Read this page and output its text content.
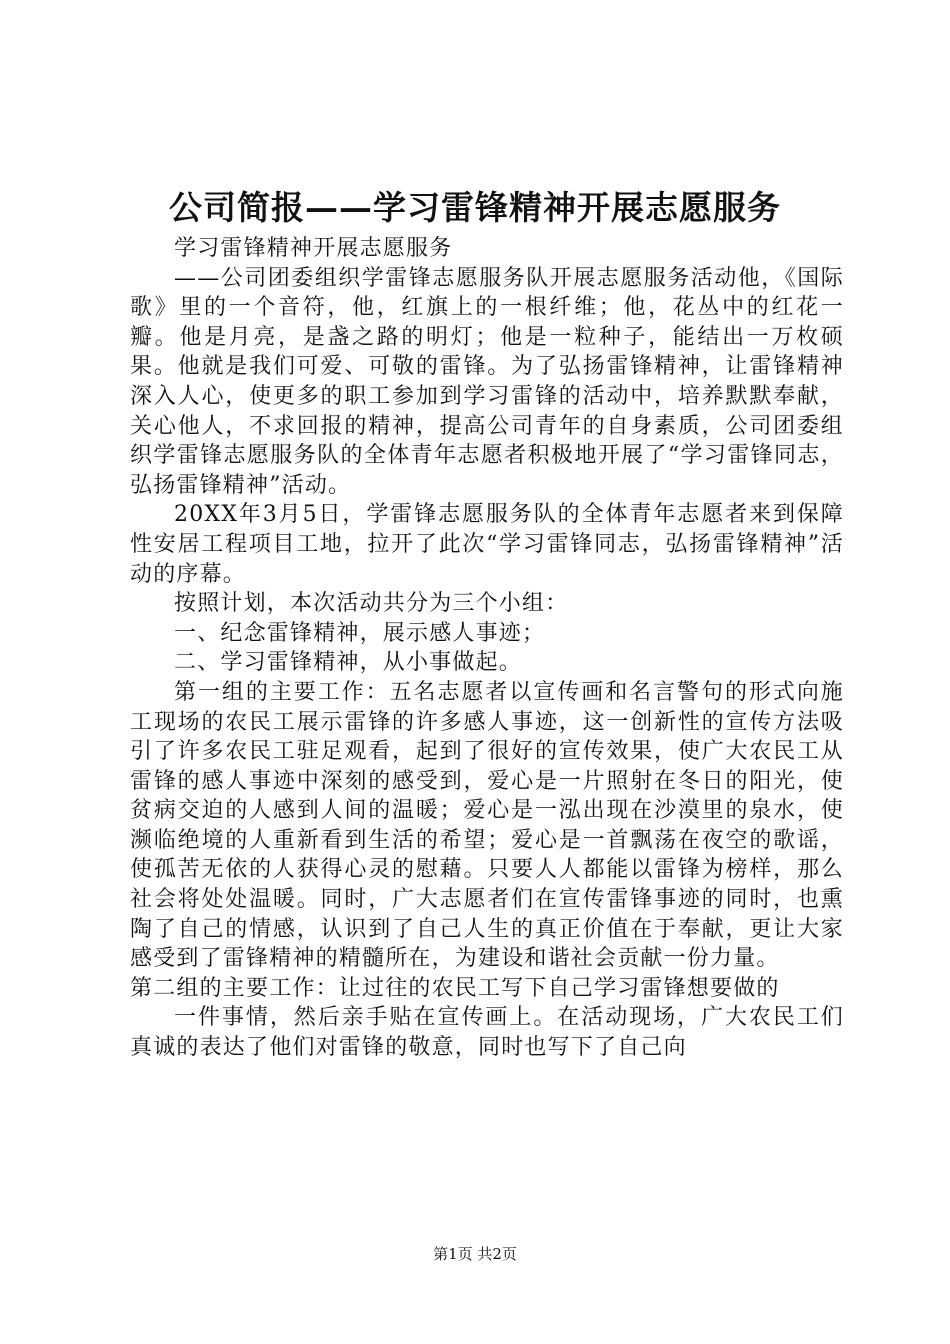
公司简报——学习雷锋精神开展志愿服务

学习雷锋精神开展志愿服务

——公司团委组织学雷锋志愿服务队开展志愿服务活动他，《国际歌》里的一个音符，他，红旗上的一根纤维；他，花丛中的红花一瓣。他是月亮，是盏之路的明灯；他是一粒种子，能结出一万枚硕果。他就是我们可爱、可敬的雷锋。为了弘扬雷锋精神，让雷锋精神深入人心，使更多的职工参加到学习雷锋的活动中，培养默默奉献，关心他人，不求回报的精神，提高公司青年的自身素质，公司团委组织学雷锋志愿服务队的全体青年志愿者积极地开展了“学习雷锋同志，弘扬雷锋精神”活动。

20XX年3月5日，学雷锋志愿服务队的全体青年志愿者来到保障性安居工程项目工地，拉开了此次“学习雷锋同志，弘扬雷锋精神”活动的序幕。

按照计划，本次活动共分为三个小组：

一、纪念雷锋精神，展示感人事迹；

二、学习雷锋精神，从小事做起。

第一组的主要工作：五名志愿者以宣传画和名言警句的形式向施工现场的农民工展示雷锋的许多感人事迹，这一创新性的宣传方法吸引了许多农民工驻足观看，起到了很好的宣传效果，使广大农民工从雷锋的感人事迹中深刻的感受到，爱心是一片照射在冬日的阳光，使贫病交迫的人感到人间的温暖；爱心是一泓出现在沙漠里的泉水，使濒临绝境的人重新看到生活的希望；爱心是一首飘荡在夜空的歌谣，使孤苦无依的人获得心灵的慰藉。只要人人都能以雷锋为榜样，那么社会将处处温暖。同时，广大志愿者们在宣传雷锋事迹的同时，也熏陶了自己的情感，认识到了自己人生的真正价值在于奉献，更让大家感受到了雷锋精神的精髓所在，为建设和谐社会贡献一份力量。

第二组的主要工作：让过往的农民工写下自己学习雷锋想要做的

一件事情，然后亲手贴在宣传画上。在活动现场，广大农民工们真诚的表达了他们对雷锋的敬意，同时也写下了自己向

第1页 共2页
